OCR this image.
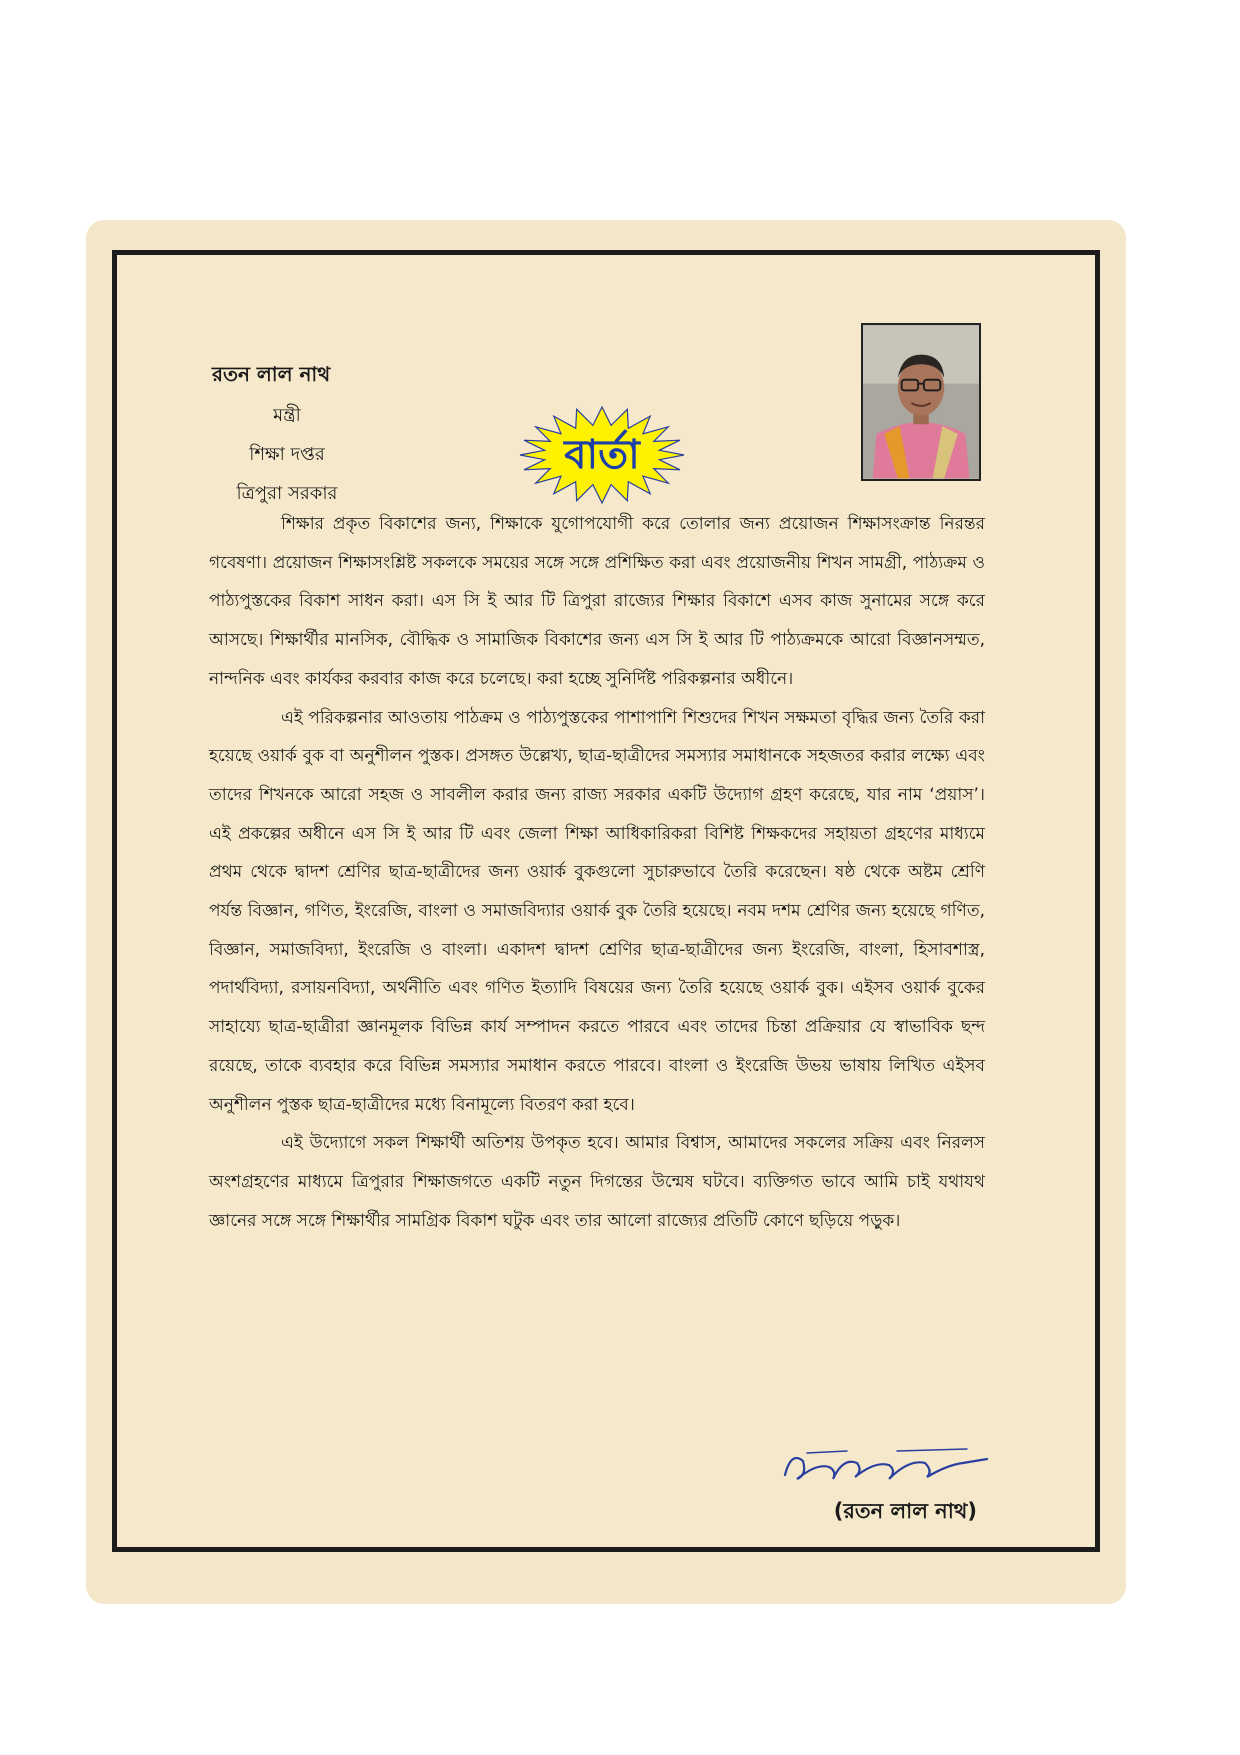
রতন লাল নাথ
মন্ত্রী
শিক্ষা দপ্তর
ত্রিপুরা সরকার
বার্তা

শিক্ষার প্রকৃত বিকাশের জন্য, শিক্ষাকে যুগোপযোগী করে তোলার জন্য প্রয়োজন শিক্ষাসংক্রান্ত নিরন্তর গবেষণা। প্রয়োজন শিক্ষাসংশ্লিষ্ট সকলকে সময়ের সঙ্গে সঙ্গে প্রশিক্ষিত করা এবং প্রয়োজনীয় শিখন সামগ্রী, পাঠ্যক্রম ও পাঠ্যপুস্তকের বিকাশ সাধন করা। এস সি ই আর টি ত্রিপুরা রাজ্যের শিক্ষার বিকাশে এসব কাজ সুনামের সঙ্গে করে আসছে। শিক্ষার্থীর মানসিক, বৌদ্ধিক ও সামাজিক বিকাশের জন্য এস সি ই আর টি পাঠ্যক্রমকে আরো বিজ্ঞানসম্মত, নান্দনিক এবং কার্যকর করবার কাজ করে চলেছে। করা হচ্ছে সুনির্দিষ্ট পরিকল্পনার অধীনে।

এই পরিকল্পনার আওতায় পাঠক্রম ও পাঠ্যপুস্তকের পাশাপাশি শিশুদের শিখন সক্ষমতা বৃদ্ধির জন্য তৈরি করা হয়েছে ওয়ার্ক বুক বা অনুশীলন পুস্তক। প্রসঙ্গত উল্লেখ্য, ছাত্র-ছাত্রীদের সমস্যার সমাধানকে সহজতর করার লক্ষ্যে এবং তাদের শিখনকে আরো সহজ ও সাবলীল করার জন্য রাজ্য সরকার একটি উদ্যোগ গ্রহণ করেছে, যার নাম ‘প্রয়াস’। এই প্রকল্পের অধীনে এস সি ই আর টি এবং জেলা শিক্ষা আধিকারিকরা বিশিষ্ট শিক্ষকদের সহায়তা গ্রহণের মাধ্যমে প্রথম থেকে দ্বাদশ শ্রেণির ছাত্র-ছাত্রীদের জন্য ওয়ার্ক বুকগুলো সুচারুভাবে তৈরি করেছেন। ষষ্ঠ থেকে অষ্টম শ্রেণি পর্যন্ত বিজ্ঞান, গণিত, ইংরেজি, বাংলা ও সমাজবিদ্যার ওয়ার্ক বুক তৈরি হয়েছে। নবম দশম শ্রেণির জন্য হয়েছে গণিত, বিজ্ঞান, সমাজবিদ্যা, ইংরেজি ও বাংলা। একাদশ দ্বাদশ শ্রেণির ছাত্র-ছাত্রীদের জন্য ইংরেজি, বাংলা, হিসাবশাস্ত্র, পদার্থবিদ্যা, রসায়নবিদ্যা, অর্থনীতি এবং গণিত ইত্যাদি বিষয়ের জন্য তৈরি হয়েছে ওয়ার্ক বুক। এইসব ওয়ার্ক বুকের সাহায্যে ছাত্র-ছাত্রীরা জ্ঞানমূলক বিভিন্ন কার্য সম্পাদন করতে পারবে এবং তাদের চিন্তা প্রক্রিয়ার যে স্বাভাবিক ছন্দ রয়েছে, তাকে ব্যবহার করে বিভিন্ন সমস্যার সমাধান করতে পারবে। বাংলা ও ইংরেজি উভয় ভাষায় লিখিত এইসব অনুশীলন পুস্তক ছাত্র-ছাত্রীদের মধ্যে বিনামূল্যে বিতরণ করা হবে।

এই উদ্যোগে সকল শিক্ষার্থী অতিশয় উপকৃত হবে। আমার বিশ্বাস, আমাদের সকলের সক্রিয় এবং নিরলস অংশগ্রহণের মাধ্যমে ত্রিপুরার শিক্ষাজগতে একটি নতুন দিগন্তের উন্মেষ ঘটবে। ব্যক্তিগত ভাবে আমি চাই যথাযথ জ্ঞানের সঙ্গে সঙ্গে শিক্ষার্থীর সামগ্রিক বিকাশ ঘটুক এবং তার আলো রাজ্যের প্রতিটি কোণে ছড়িয়ে পড়ুক।

(রতন লাল নাথ)
